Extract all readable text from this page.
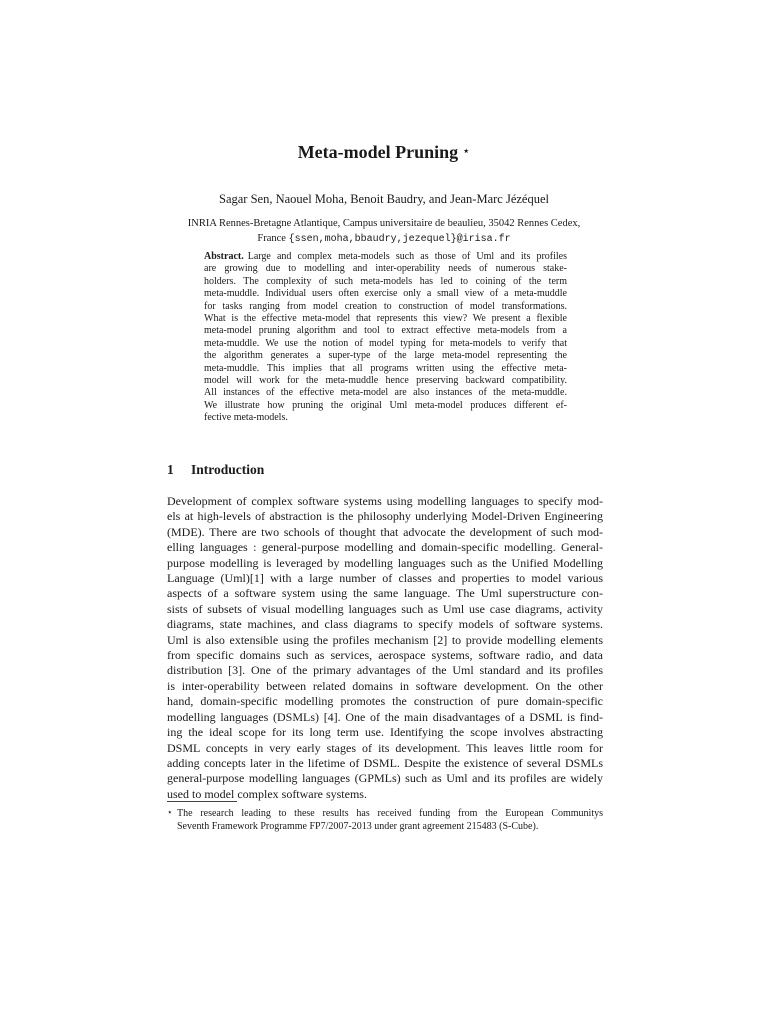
Meta-model Pruning ⋆
Sagar Sen, Naouel Moha, Benoit Baudry, and Jean-Marc Jézéquel
INRIA Rennes-Bretagne Atlantique, Campus universitaire de beaulieu, 35042 Rennes Cedex,
France {ssen,moha,bbaudry,jezequel}@irisa.fr
Abstract. Large and complex meta-models such as those of Uml and its profiles
are growing due to modelling and inter-operability needs of numerous stake-
holders. The complexity of such meta-models has led to coining of the term
meta-muddle. Individual users often exercise only a small view of a meta-muddle
for tasks ranging from model creation to construction of model transformations.
What is the effective meta-model that represents this view? We present a flexible
meta-model pruning algorithm and tool to extract effective meta-models from a
meta-muddle. We use the notion of model typing for meta-models to verify that
the algorithm generates a super-type of the large meta-model representing the
meta-muddle. This implies that all programs written using the effective meta-
model will work for the meta-muddle hence preserving backward compatibility.
All instances of the effective meta-model are also instances of the meta-muddle.
We illustrate how pruning the original Uml meta-model produces different ef-
fective meta-models.
1 Introduction
Development of complex software systems using modelling languages to specify mod-
els at high-levels of abstraction is the philosophy underlying Model-Driven Engineering
(MDE). There are two schools of thought that advocate the development of such mod-
elling languages : general-purpose modelling and domain-specific modelling. General-
purpose modelling is leveraged by modelling languages such as the Unified Modelling
Language (Uml)[1] with a large number of classes and properties to model various
aspects of a software system using the same language. The Uml superstructure con-
sists of subsets of visual modelling languages such as Uml use case diagrams, activity
diagrams, state machines, and class diagrams to specify models of software systems.
Uml is also extensible using the profiles mechanism [2] to provide modelling elements
from specific domains such as services, aerospace systems, software radio, and data
distribution [3]. One of the primary advantages of the Uml standard and its profiles
is inter-operability between related domains in software development. On the other
hand, domain-specific modelling promotes the construction of pure domain-specific
modelling languages (DSMLs) [4]. One of the main disadvantages of a DSML is find-
ing the ideal scope for its long term use. Identifying the scope involves abstracting
DSML concepts in very early stages of its development. This leaves little room for
adding concepts later in the lifetime of DSML. Despite the existence of several DSMLs
general-purpose modelling languages (GPMLs) such as Uml and its profiles are widely
used to model complex software systems.
⋆ The research leading to these results has received funding from the European Communitys
Seventh Framework Programme FP7/2007-2013 under grant agreement 215483 (S-Cube).
